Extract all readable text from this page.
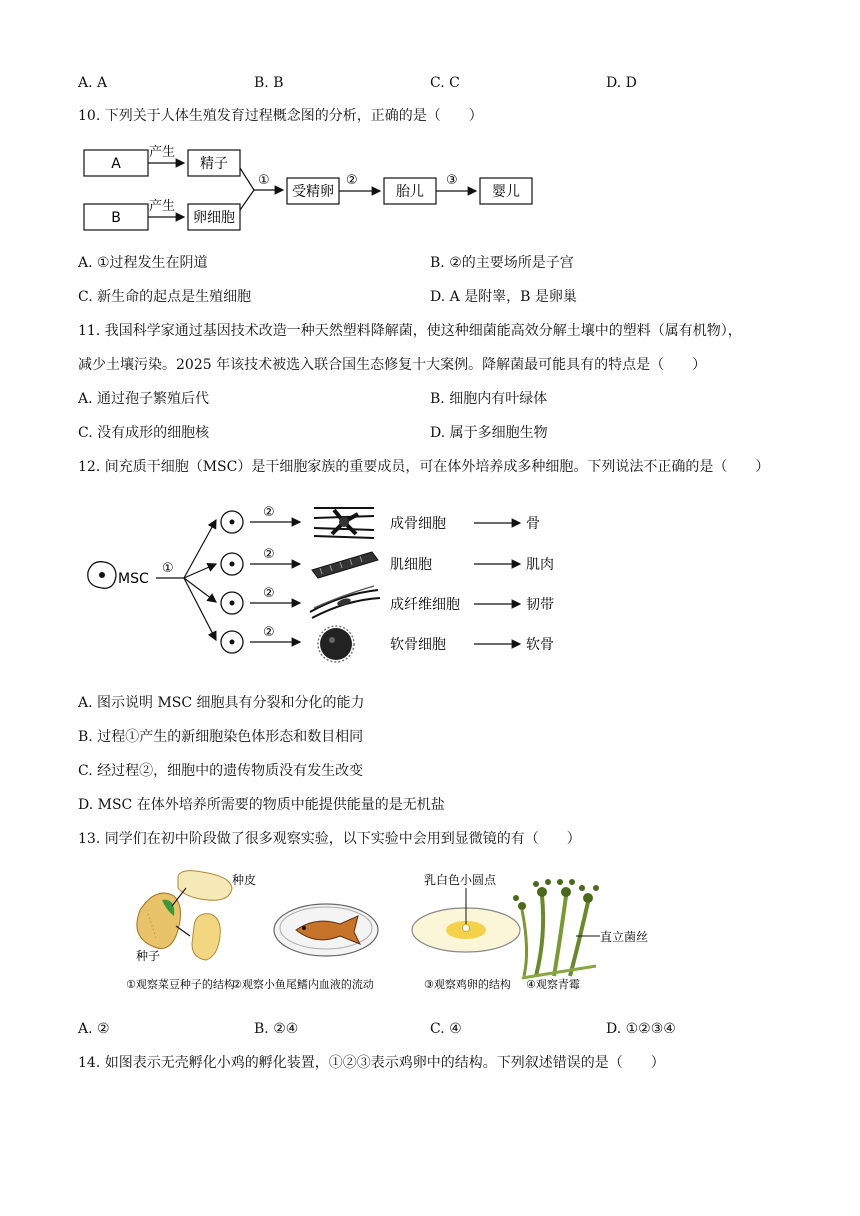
A. A	B. B	C. C	D. D
10. 下列关于人体生殖发育过程概念图的分析，正确的是（　　）
A
B
产生
产生
精子
卵细胞
①
受精卵
②
胎儿
③
婴儿
A. ①过程发生在阴道	B. ②的主要场所是子宫
C. 新生命的起点是生殖细胞	D. A 是附睾，B 是卵巢
11. 我国科学家通过基因技术改造一种天然塑料降解菌，使这种细菌能高效分解土壤中的塑料（属有机物），
减少土壤污染。2025 年该技术被选入联合国生态修复十大案例。降解菌最可能具有的特点是（　　）
A. 通过孢子繁殖后代	B. 细胞内有叶绿体
C. 没有成形的细胞核	D. 属于多细胞生物
12. 间充质干细胞（MSC）是干细胞家族的重要成员，可在体外培养成多种细胞。下列说法不正确的是（　　）
MSC
①
②
成骨细胞	骨
②
肌细胞	肌肉
②
成纤维细胞	韧带
②
软骨细胞	软骨
A. 图示说明 MSC 细胞具有分裂和分化的能力
B. 过程①产生的新细胞染色体形态和数目相同
C. 经过程②，细胞中的遗传物质没有发生改变
D. MSC 在体外培养所需要的物质中能提供能量的是无机盐
13. 同学们在初中阶段做了很多观察实验，以下实验中会用到显微镜的有（　　）
种皮
种子
乳白色小圆点
直立菌丝
①观察菜豆种子的结构
②观察小鱼尾鳍内血液的流动	③观察鸡卵的结构 ④观察青霉
A. ②	B. ②④	C. ④	D. ①②③④
14. 如图表示无壳孵化小鸡的孵化装置，①②③表示鸡卵中的结构。下列叙述错误的是（　　）
